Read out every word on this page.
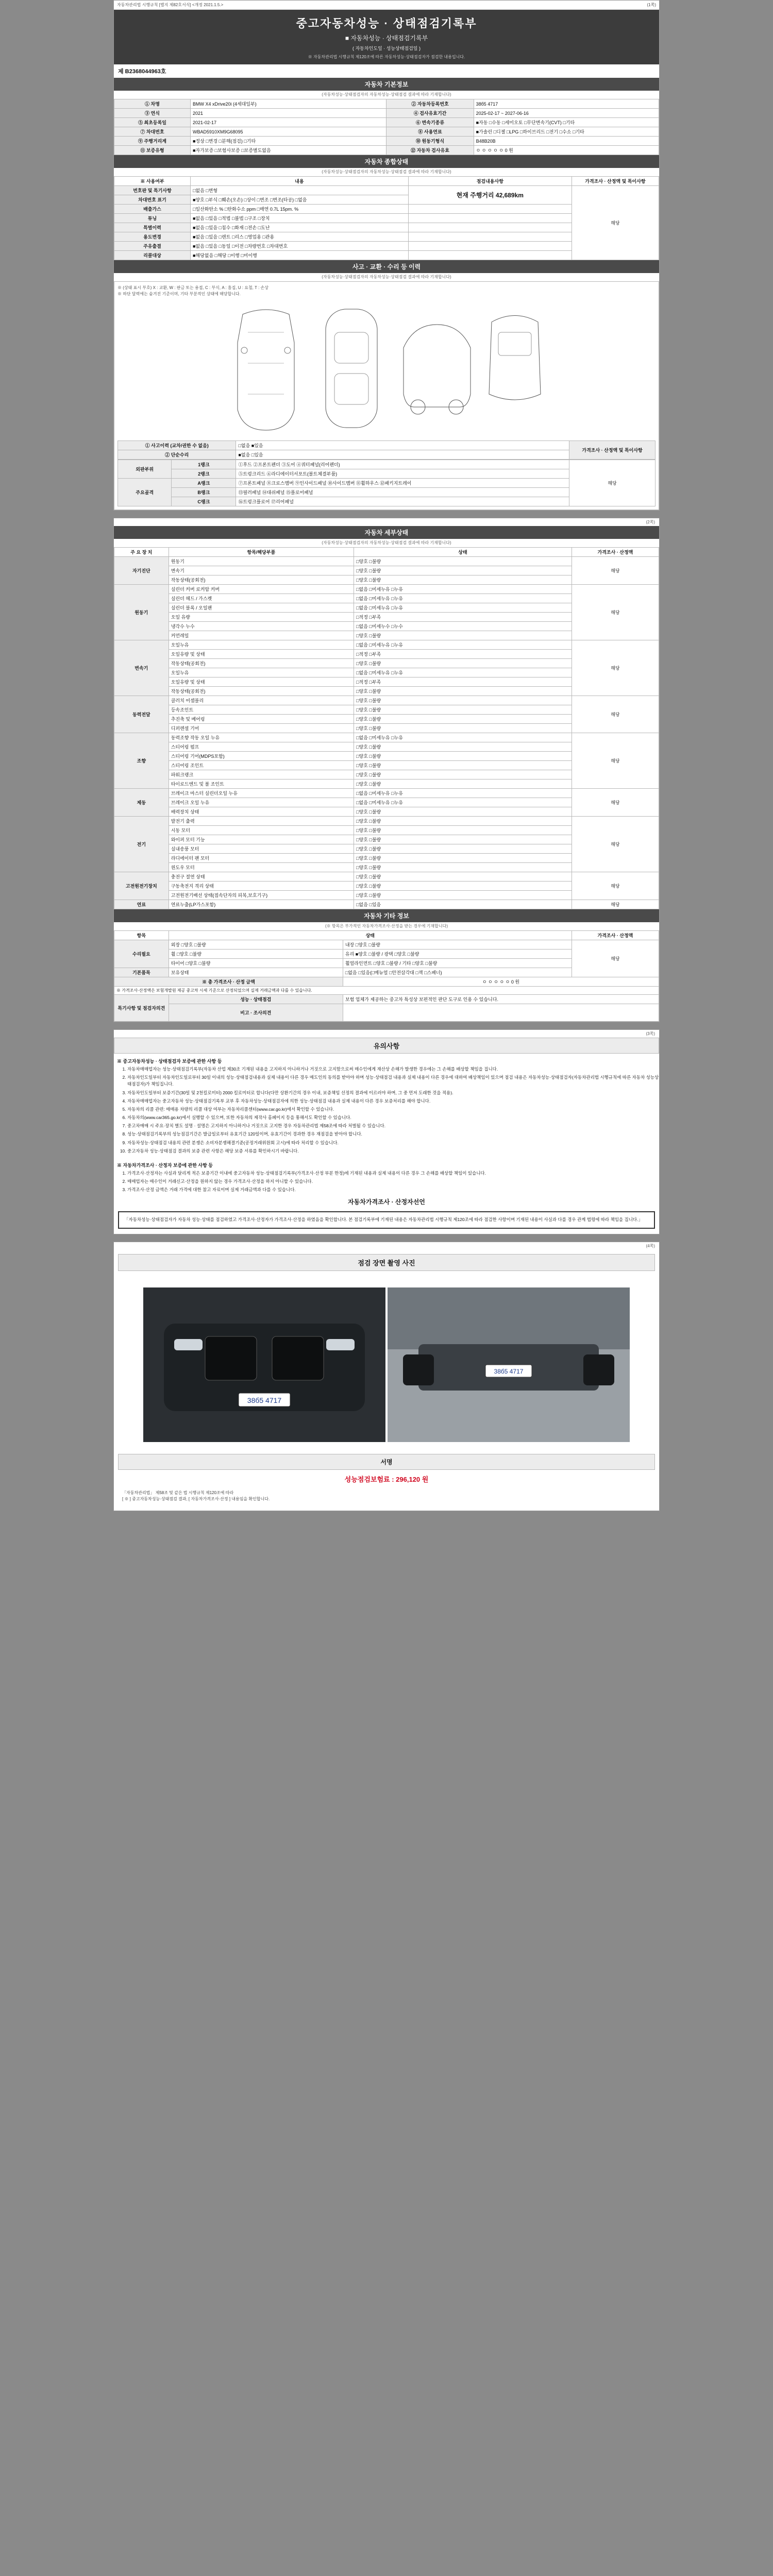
자동차관리법 시행규칙 [별지 제82호서식] <개정 2021.1.5.>	(1쪽)
중고자동차성능 · 상태점검기록부
■ 자동차성능 · 상태점검기록부
( 자동차인도일 · 성능상태점검일 )
※ 자동차관리법 시행규칙 제120조에 따른 자동차성능·상태점검자가 점검한 내용입니다.
제 B2368044963호
자동차 기본정보
(자동차성능·상태점검자의 자동차성능·상태점검 결과에 따라 기재합니다)
① 차명	BMW X4 xDrive20i (4세대일부)	② 자동차등록번호	38б5 4717
③ 연식	2021	④ 검사유효기간	2025-02-17 ~ 2027-06-16
⑤ 최초등록일	2021-02-17	⑥ 변속기종류	■자동 □수동 □세미오토 □무단변속기(CVT) □기타
⑦ 차대번호	WBAD5910XM9G68095	⑧ 사용연료	■가솔린 □디젤 □LPG □하이브리드 □전기 □수소 □기타
⑨ 주행거리계	■정상 □변경 □분해(점검) □기타	⑩ 원동기형식	B48B20B
⑪ 보증유형	■자가보증 □보험사보증 □보증별도없음	⑫ 자동차 검사유효	ㅇ ㅇ ㅇ ㅇ ㅇ 0 원
자동차 종합상태
(자동차성능·상태점검자의 자동차성능·상태점검 결과에 따라 기재합니다)
※ 사용여부	내용	점검내용사항	가격조사 · 산정액 및 특이사항
번호판 및 특기사항	□없음 □변형	현재 주행거리 42,689km	해당
차대번호 표기	■양호 □부식 □훼손(오손) □상이 □변조 □변조(타공) □없음		
배출가스	□일산화탄소 % □탄화수소 ppm □매연 0.7L 15pm. %		
튜닝	■없음 □있음 □적법 □불법 □구조 □장치		
특별이력	■없음 □있음 □침수 □화재 □전손 □도난		
용도변경	■없음 □있음 □렌트 □리스 □영업용 □관용		
주유출결	■없음 □있음 □동일 □이전 □차량번호 □차대번호		
리콜대상	■해당없음 □해당 □이행 □미이행		
사고 · 교환 · 수리 등 이력
(자동차성능·상태점검자의 자동차성능·상태점검 결과에 따라 기재합니다)
※ (상태 표시 부호) X : 교환, W : 판금 또는 용접, C : 부식, A : 흠집, U : 요철, T : 손상
※ 하단 달력에는 숨겨진 기준이며, 기타 부분적인 상태에 해당합니다.
① 사고이력 (교차/권한 수 없음)	□없음 ■있음	가격조사 · 산정액 및 특이사항
② 단순수리	■없음 □있음	
외판부위	1랭크	①후드 ②프론트펜더 ③도어 ④쿼터패널(리어펜더)	해당
	2랭크	⑤트렁크리드 ⑥라디에이터서포트(볼트체결부품)	
주요골격	A랭크	⑦프론트패널 ⑧크로스멤버 ⑨인사이드패널 ⑩사이드멤버 ⑪휠하우스 ⑫패키지트레이	
	B랭크	⑬필러패널 ⑭대쉬패널 ⑮플로어패널	
	C랭크	⑯트렁크플로어 ⑰리어패널	
(2쪽)
자동차 세부상태
(자동차성능·상태점검자의 자동차성능·상태점검 결과에 따라 기재합니다)
주 요 장 치	항목/해당부품	상태	가격조사 · 산정액
자기진단	원동기	□양호 □불량	해당
	변속기	□양호 □불량	
	작동상태(공회전)	□양호 □불량	
원동기	실린더 커버 로커암 커버	□없음 □미세누유 □누유	해당
	실린더 헤드 / 가스켓	□없음 □미세누유 □누유	
	실린더 블록 / 오일팬	□없음 □미세누유 □누유	
	오일 유량	□적정 □부족	
	냉각수 누수	□없음 □미세누수 □누수	
	커먼레일	□양호 □불량	
변속기	오일누유	□없음 □미세누유 □누유	해당
	오일유량 및 상태	□적정 □부족	
	작동상태(공회전)	□양호 □불량	
	오일누유	□없음 □미세누유 □누유	
	오일유량 및 상태	□적정 □부족	
	작동상태(공회전)	□양호 □불량	
동력전달	클러치 어셈블리	□양호 □불량	해당
	등속조인트	□양호 □불량	
	추진축 및 베어링	□양호 □불량	
	디퍼렌셜 기어	□양호 □불량	
조향	동력조향 작동 오일 누유	□없음 □미세누유 □누유	해당
	스티어링 펌프	□양호 □불량	
	스티어링 기어(MDPS포함)	□양호 □불량	
	스티어링 조인트	□양호 □불량	
	파워크랭크	□양호 □불량	
	타이로드엔드 및 볼 조인트	□양호 □불량	
제동	브레이크 마스터 실린더오일 누유	□없음 □미세누유 □누유	해당
	브레이크 오일 누유	□없음 □미세누유 □누유	
	배력장치 상태	□양호 □불량	
전기	발전기 출력	□양호 □불량	해당
	시동 모터	□양호 □불량	
	와이퍼 모터 기능	□양호 □불량	
	실내송풍 모터	□양호 □불량	
	라디에이터 팬 모터	□양호 □불량	
	윈도우 모터	□양호 □불량	
고전원전기장치	충전구 절연 상태	□양호 □불량	해당
	구동축전지 격리 상태	□양호 □불량	
	고전원전기배선 상태(접속단자의 피복,보호기구)	□양호 □불량	
연료	연료누출(LP가스포함)	□없음 □있음	해당
자동차 기타 정보
(※ 항목은 부가적인 자동차가격조사·산정을 받는 경우에 기재합니다)
항목	상태		가격조사 · 산정액
수리필요	외장 □양호 □불량	내장 □양호 □불량	해당
	휠 □양호 □불량	유리 ■양호 □불량 / 광택 □양호 □불량	
	타이어 □양호 □불량	휠얼라인먼트 □양호 □불량 / 기타 □양호 □불량	
기본품목	보유상태	□없음 □있음(□매뉴얼 □안전삼각대 □잭 □스패너)	
※ 총 가격조사 · 산정 금액		ㅇ ㅇ ㅇ ㅇ ㅇ 0 원	
※ 가격조사·산정액은 보험개발원 제공 중고차 시세 기준으로 산정되었으며 실제 거래금액과 다를 수 있습니다.			
특기사항 및 점검자의견	성능 · 상태점검	보험 업체가 제공하는 중고차 특성상 보편적인 판단 도구로 인용 수 있습니다.	
	비고 · 조사의견		
(3쪽)
유의사항
※ 중고자동차성능 · 상태점검자 보증에 관한 사항 등
1. 자동차매매업자는 성능·상태점검기록부(자동차 산업 제30조 기재된 내용을 고지하지 아니하거나 거짓으로 고지함으로써 매수인에게 재산상 손해가 발생한 경우에는 그 손해를 배상할 책임을 집니다.
2. 자동차인도일부터 자동차인도일로부터 30일 이내의 성능·상태점검내용과 실제 내용이 다른 경우 매도인의 동의를 받아야 하며 성능·상태점검 내용과 실제 내용이 다른 경우에 대하여 배상책임이 있으며 점검 내용은 자동차성능·상태점검자(자동차관리법 시행규칙에 따른 자동차 성능상태점검자)가 책임집니다.
3. 자동차인도일부터 보증기간(30일 및 2천킬로미터) 2000 킬로미터로 합니다(다만 상환기간의 경우 이내, 보증책임 선정의 결과에 이르러야 하며, 그 중 먼저 도래한 것을 적용).
4. 자동차매매업자는 중고자동차 성능·상태점검기록부 교부 후 자동차성능·상태점검자에 의한 성능·상태점검 내용과 실제 내용이 다른 경우 보증처리를 해야 합니다.
5. 자동차의 리콜 관련: 매매용 차량의 리콜 대상 여부는 자동차리콜센터(www.car.go.kr)에서 확인할 수 있습니다.
6. 자동차의(www.car365.go.kr)에서 실행할 수 있으며, 또한 자동차의 제작사 홈페이지 등을 통해서도 확인할 수 있습니다.
7. 중고차매매 시 주요·장치 별도 설명 · 설명은 고지하지 아니하거나 거짓으로 고지한 경우 자동차관리법 제58조에 따라 처벌될 수 있습니다.
8. 성능·상태점검기록부의 성능점검기간은 발급일로부터 유효기간 120일이며, 유효기간이 경과한 경우 재점검을 받아야 합니다.
9. 자동차성능·상태점검 내용의 관련 분쟁은 소비자분쟁해결기준(공정거래위원회 고시)에 따라 처리할 수 있습니다.
10. 중고자동차 성능·상태점검 결과의 보증 관련 사항은 해당 보증 서류를 확인하시기 바랍니다.
※ 자동차가격조사 · 산정자 보증에 관한 사항 등
1. 가격조사·산정자는 사실과 달리게 적은 보증기간 이내에 중고자동차 성능·상태점검기록부(가격조사·산정 부분 한정)에 기재된 내용과 실제 내용이 다른 경우 그 손해를 배상할 책임이 있습니다.
2. 매매업자는 매수인이 거래신고·산정을 원하지 않는 경우 가격조사·산정을 하지 아니할 수 있습니다.
3. 가격조사·산정 금액은 거래 가격에 대한 참고 자료이며 실제 거래금액과 다를 수 있습니다.
자동차가격조사 · 산정자선언
「자동차성능·상태점검자가 자동차 성능·상태를 점검하였고 가격조사·산정자가 가격조사·산정을 하였음을 확인합니다. 본 점검기록부에 기재된 내용은 자동차관리법 시행규칙 제120조에 따라 점검한 사항이며 기재된 내용이 사실과 다를 경우 관계 법령에 따라 책임을 집니다.」
(4쪽)
점검 장면 촬영 사진
38б5 4717

38б5 4717
서명
성능점검보험료 : 296,120 원
「자동차관리법」 제58조 및 같은 법 시행규칙 제120조에 따라
[ ※ ] 중고자동차성능·상태점검 결과, [ 자동차가격조사·산정 ] 내용임을 확인합니다.
